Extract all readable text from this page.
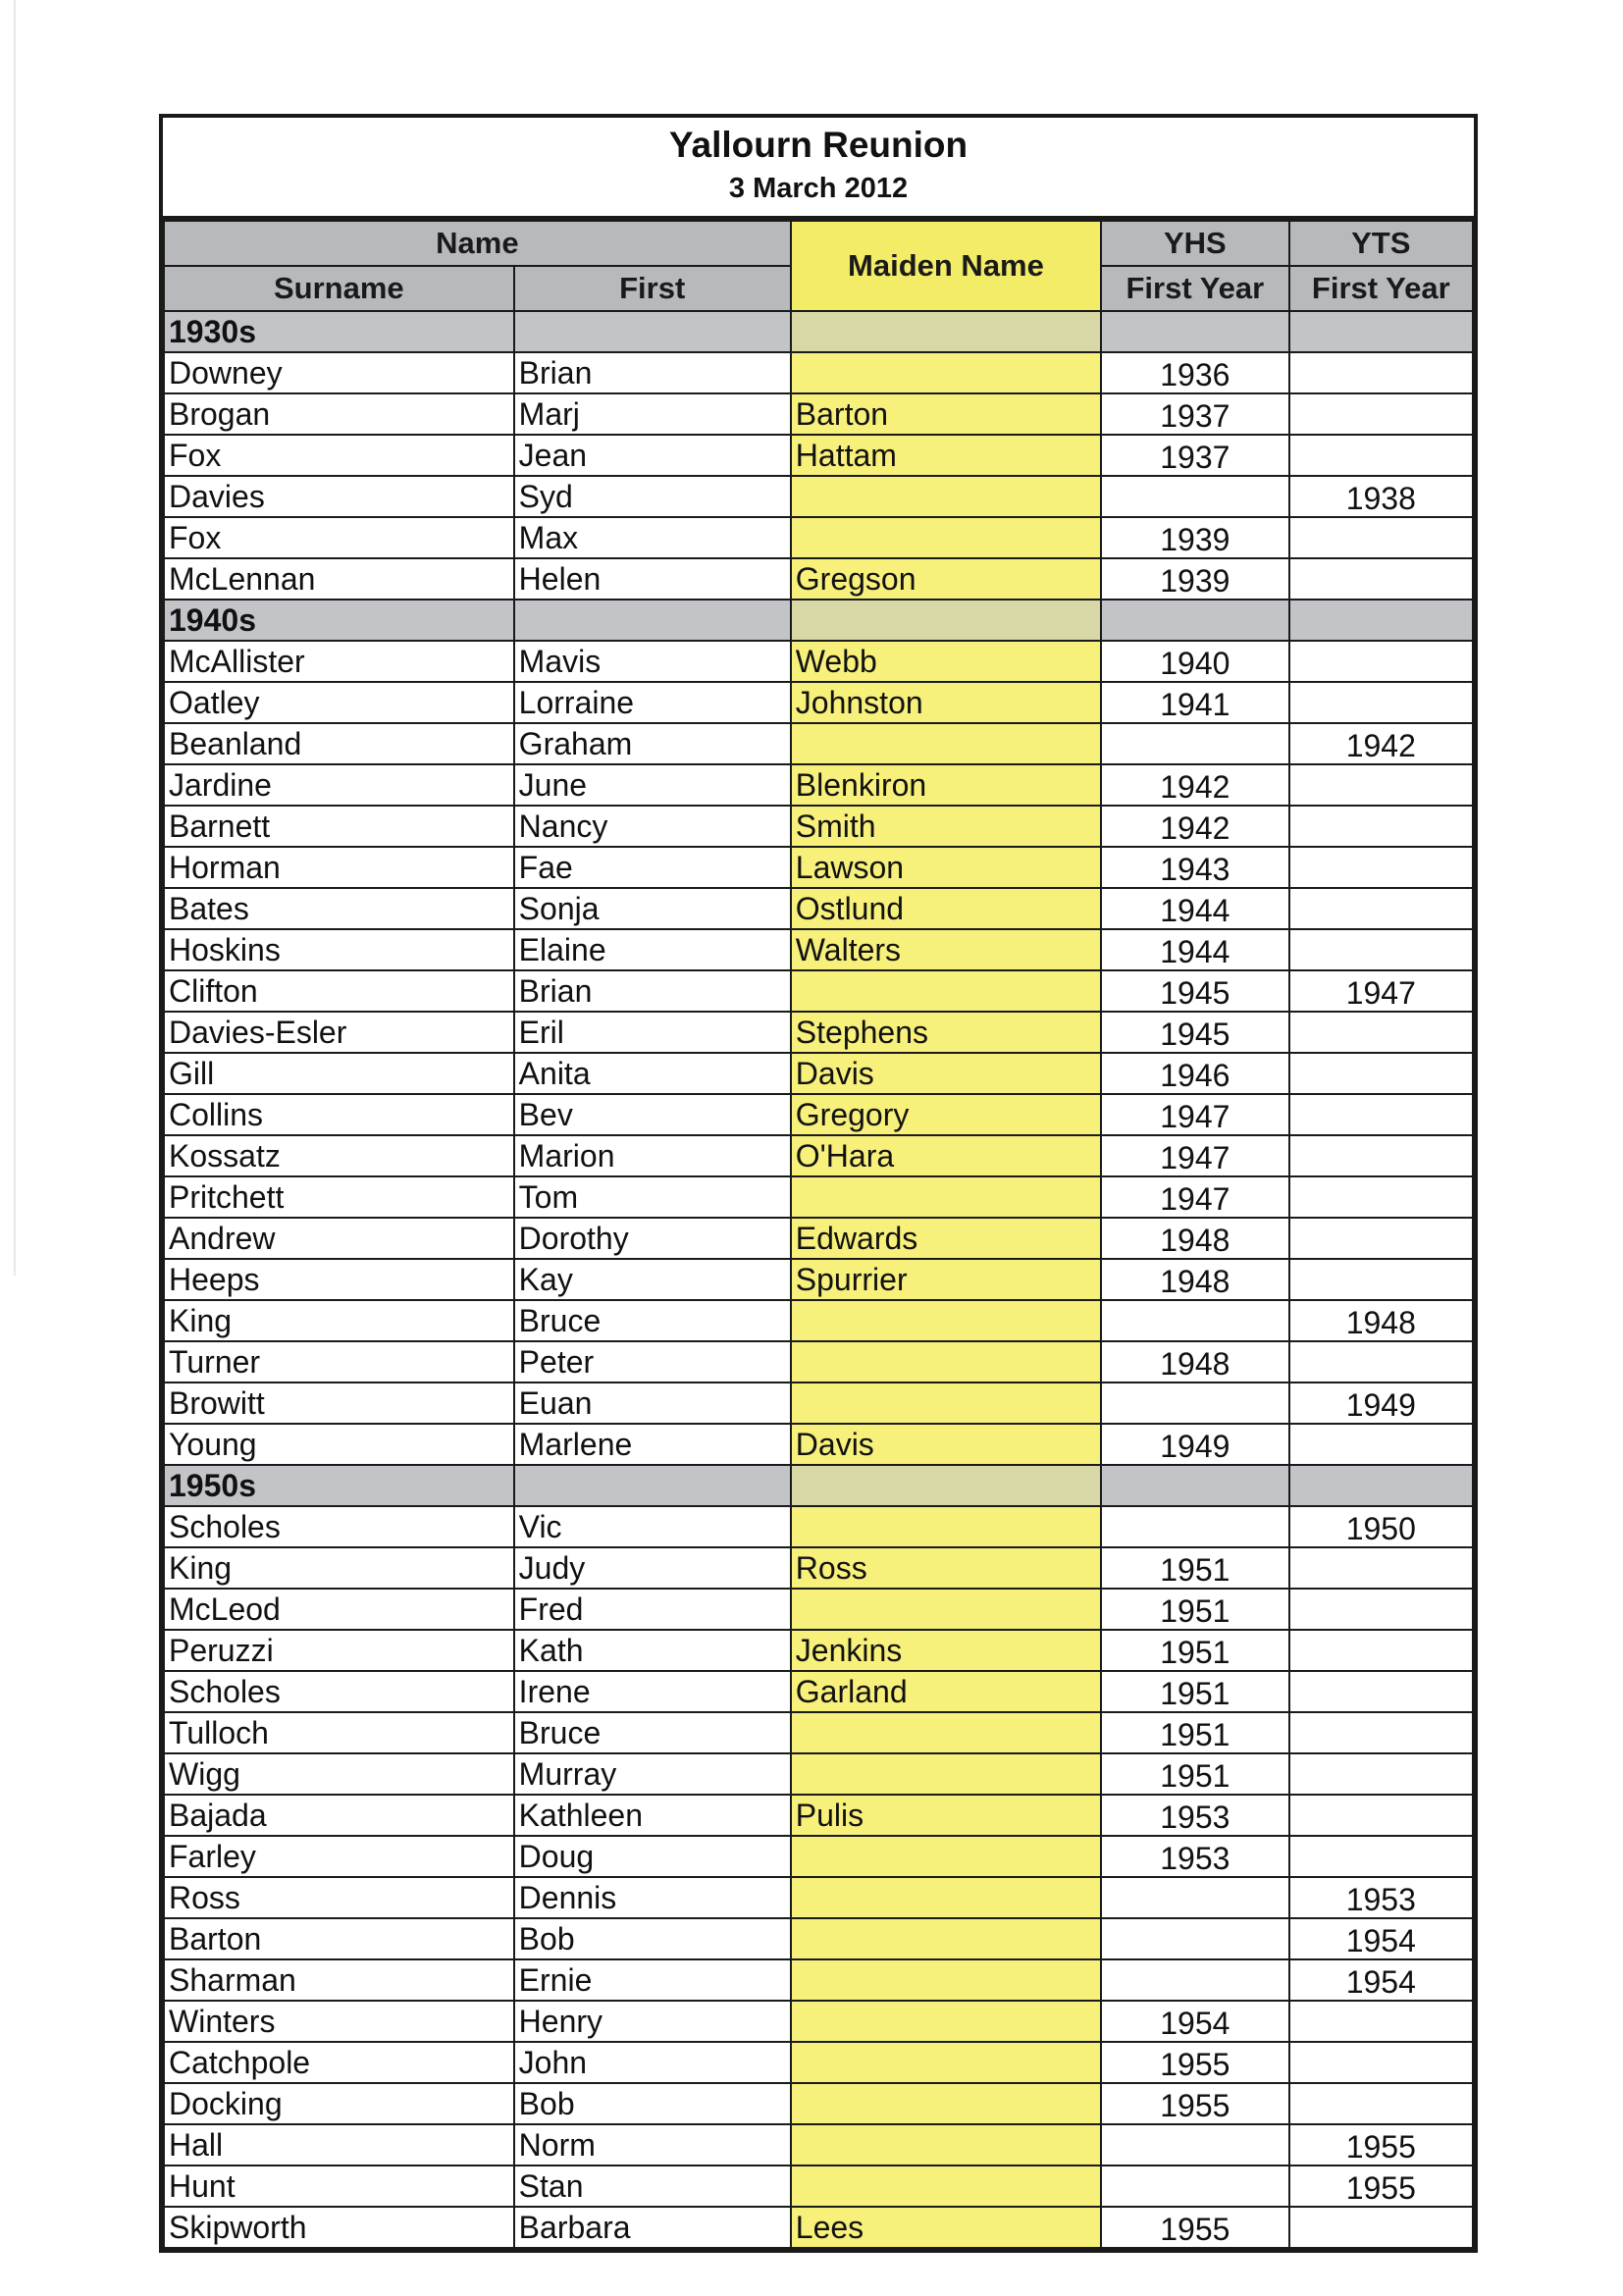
Yallourn Reunion
3 March 2012
Name		Maiden Name	YHS	YTS
Surname	First		First Year	First Year
1930s				
Downey	Brian		1936	
Brogan	Marj	Barton	1937	
Fox	Jean	Hattam	1937	
Davies	Syd			1938
Fox	Max		1939	
McLennan	Helen	Gregson	1939	
1940s				
McAllister	Mavis	Webb	1940	
Oatley	Lorraine	Johnston	1941	
Beanland	Graham			1942
Jardine	June	Blenkiron	1942	
Barnett	Nancy	Smith	1942	
Horman	Fae	Lawson	1943	
Bates	Sonja	Ostlund	1944	
Hoskins	Elaine	Walters	1944	
Clifton	Brian		1945	1947
Davies-Esler	Eril	Stephens	1945	
Gill	Anita	Davis	1946	
Collins	Bev	Gregory	1947	
Kossatz	Marion	O'Hara	1947	
Pritchett	Tom		1947	
Andrew	Dorothy	Edwards	1948	
Heeps	Kay	Spurrier	1948	
King	Bruce			1948
Turner	Peter		1948	
Browitt	Euan			1949
Young	Marlene	Davis	1949	
1950s				
Scholes	Vic			1950
King	Judy	Ross	1951	
McLeod	Fred		1951	
Peruzzi	Kath	Jenkins	1951	
Scholes	Irene	Garland	1951	
Tulloch	Bruce		1951	
Wigg	Murray		1951	
Bajada	Kathleen	Pulis	1953	
Farley	Doug		1953	
Ross	Dennis			1953
Barton	Bob			1954
Sharman	Ernie			1954
Winters	Henry		1954	
Catchpole	John		1955	
Docking	Bob		1955	
Hall	Norm			1955
Hunt	Stan			1955
Skipworth	Barbara	Lees	1955	
